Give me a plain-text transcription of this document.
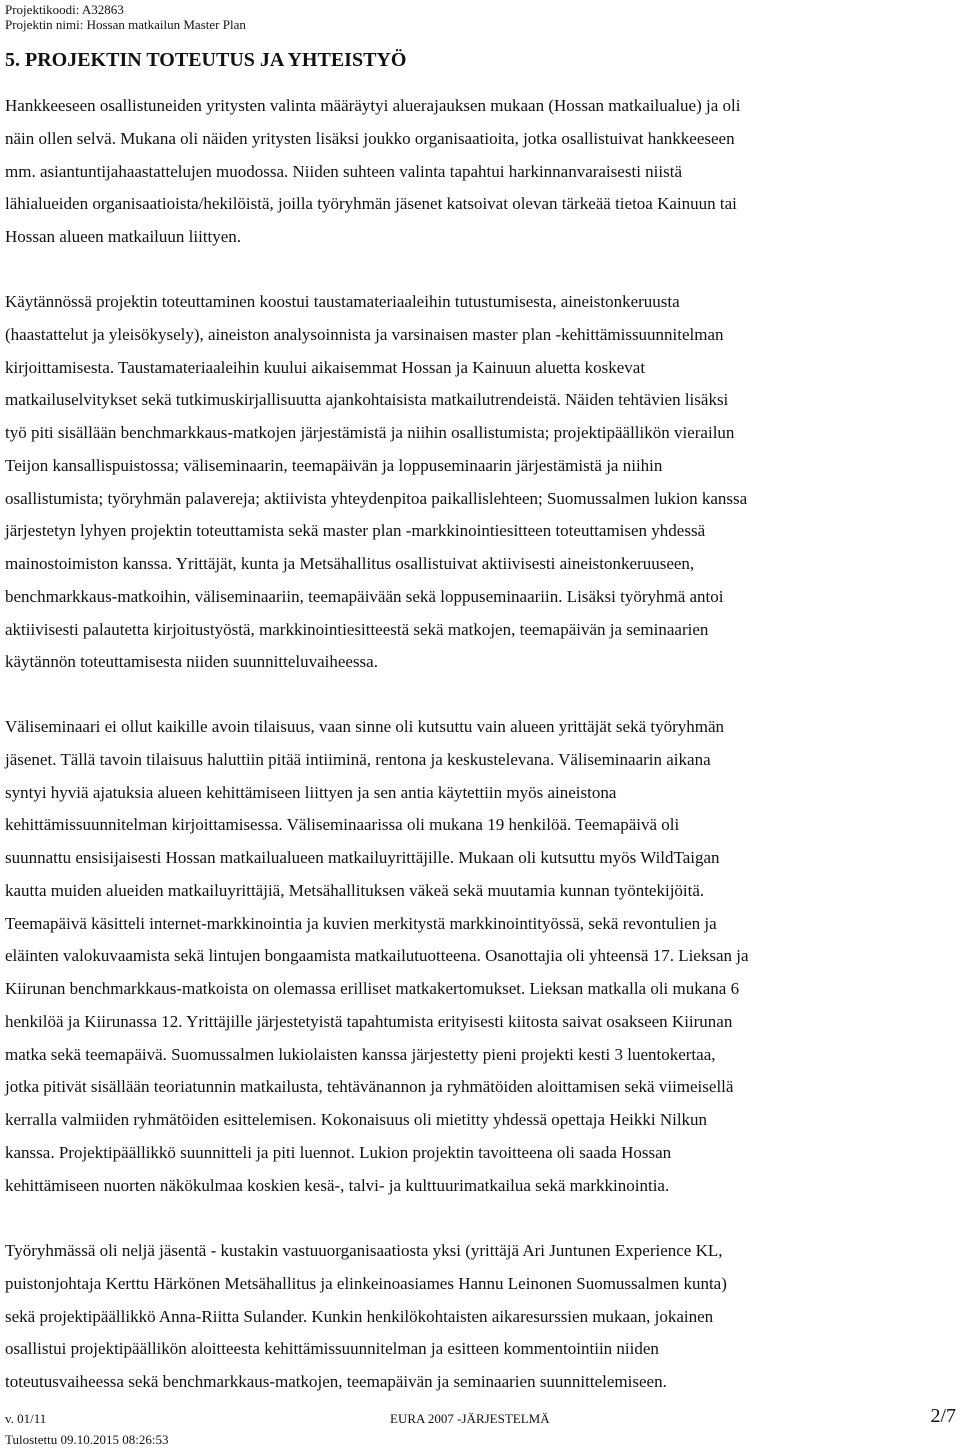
Projektikoodi: A32863
Projektin nimi: Hossan matkailun Master Plan
5. PROJEKTIN TOTEUTUS JA YHTEISTYÖ

Hankkeeseen osallistuneiden yritysten valinta määräytyi aluerajauksen mukaan (Hossan matkailualue) ja oli
näin ollen selvä. Mukana oli näiden yritysten lisäksi joukko organisaatioita, jotka osallistuivat hankkeeseen
mm. asiantuntijahaastattelujen muodossa. Niiden suhteen valinta tapahtui harkinnanvaraisesti niistä
lähialueiden organisaatioista/hekilöistä, joilla työryhmän jäsenet katsoivat olevan tärkeää tietoa Kainuun tai
Hossan alueen matkailuun liittyen.

Käytännössä projektin toteuttaminen koostui taustamateriaaleihin tutustumisesta, aineistonkeruusta
(haastattelut ja yleisökysely), aineiston analysoinnista ja varsinaisen master plan -kehittämissuunnitelman
kirjoittamisesta. Taustamateriaaleihin kuului aikaisemmat Hossan ja Kainuun aluetta koskevat
matkailuselvitykset sekä tutkimuskirjallisuutta ajankohtaisista matkailutrendeistä. Näiden tehtävien lisäksi
työ piti sisällään benchmarkkaus-matkojen järjestämistä ja niihin osallistumista; projektipäällikön vierailun
Teijon kansallispuistossa; väliseminaarin, teemapäivän ja loppuseminaarin järjestämistä ja niihin
osallistumista; työryhmän palavereja; aktiivista yhteydenpitoa paikallislehteen; Suomussalmen lukion kanssa
järjestetyn lyhyen projektin toteuttamista sekä master plan -markkinointiesitteen toteuttamisen yhdessä
mainostoimiston kanssa. Yrittäjät, kunta ja Metsähallitus osallistuivat aktiivisesti aineistonkeruuseen,
benchmarkkaus-matkoihin, väliseminaariin, teemapäivään sekä loppuseminaariin. Lisäksi työryhmä antoi
aktiivisesti palautetta kirjoitustyöstä, markkinointiesitteestä sekä matkojen, teemapäivän ja seminaarien
käytännön toteuttamisesta niiden suunnitteluvaiheessa.

Väliseminaari ei ollut kaikille avoin tilaisuus, vaan sinne oli kutsuttu vain alueen yrittäjät sekä työryhmän
jäsenet. Tällä tavoin tilaisuus haluttiin pitää intiiminä, rentona ja keskustelevana. Väliseminaarin aikana
syntyi hyviä ajatuksia alueen kehittämiseen liittyen ja sen antia käytettiin myös aineistona
kehittämissuunnitelman kirjoittamisessa. Väliseminaarissa oli mukana 19 henkilöä. Teemapäivä oli
suunnattu ensisijaisesti Hossan matkailualueen matkailuyrittäjille. Mukaan oli kutsuttu myös WildTaigan
kautta muiden alueiden matkailuyrittäjiä, Metsähallituksen väkeä sekä muutamia kunnan työntekijöitä.
Teemapäivä käsitteli internet-markkinointia ja kuvien merkitystä markkinointityössä, sekä revontulien ja
eläinten valokuvaamista sekä lintujen bongaamista matkailutuotteena. Osanottajia oli yhteensä 17. Lieksan ja
Kiirunan benchmarkkaus-matkoista on olemassa erilliset matkakertomukset. Lieksan matkalla oli mukana 6
henkilöä ja Kiirunassa 12. Yrittäjille järjestetyistä tapahtumista erityisesti kiitosta saivat osakseen Kiirunan
matka sekä teemapäivä. Suomussalmen lukiolaisten kanssa järjestetty pieni projekti kesti 3 luentokertaa,
jotka pitivät sisällään teoriatunnin matkailusta, tehtävänannon ja ryhmätöiden aloittamisen sekä viimeisellä
kerralla valmiiden ryhmätöiden esittelemisen. Kokonaisuus oli mietitty yhdessä opettaja Heikki Nilkun
kanssa. Projektipäällikkö suunnitteli ja piti luennot. Lukion projektin tavoitteena oli saada Hossan
kehittämiseen nuorten näkökulmaa koskien kesä-, talvi- ja kulttuurimatkailua sekä markkinointia.

Työryhmässä oli neljä jäsentä - kustakin vastuuorganisaatiosta yksi (yrittäjä Ari Juntunen Experience KL,
puistonjohtaja Kerttu Härkönen Metsähallitus ja elinkeinoasiames Hannu Leinonen Suomussalmen kunta)
sekä projektipäällikkö Anna-Riitta Sulander. Kunkin henkilökohtaisten aikaresurssien mukaan, jokainen
osallistui projektipäällikön aloitteesta kehittämissuunnitelman ja esitteen kommentointiin niiden
toteutusvaiheessa sekä benchmarkkaus-matkojen, teemapäivän ja seminaarien suunnittelemiseen.

v. 01/11	EURA 2007 -JÄRJESTELMÄ	2/7
Tulostettu 09.10.2015 08:26:53
